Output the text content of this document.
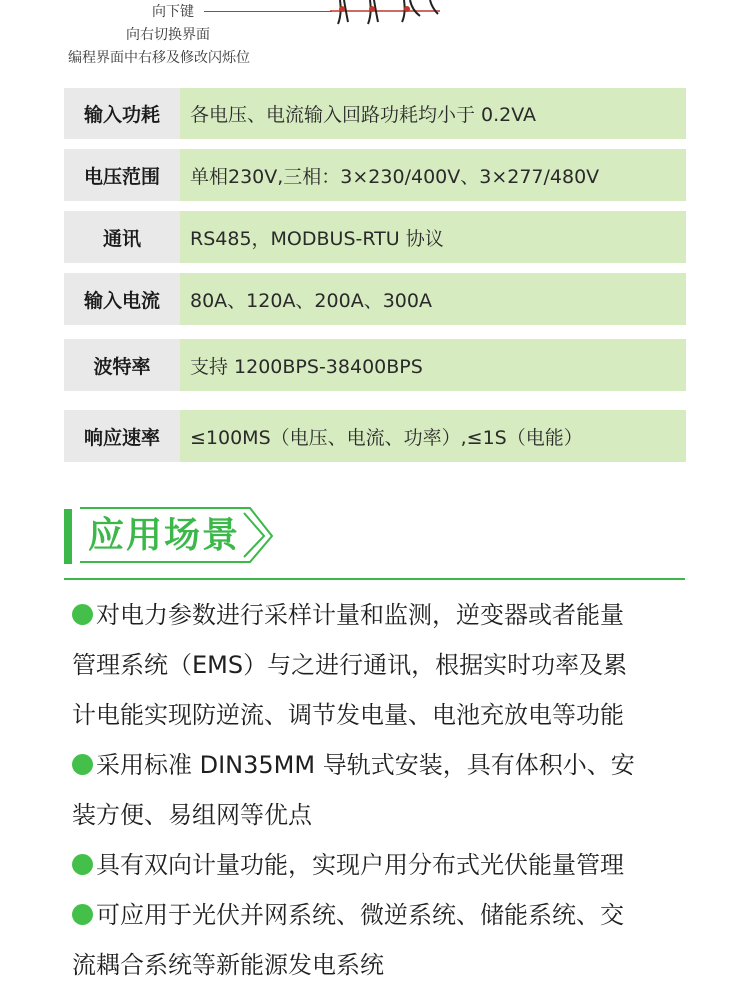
向下键
向右切换界面
编程界面中右移及修改闪烁位
输入功耗	各电压、电流输入回路功耗均小于 0.2VA
电压范围	单相230V,三相：3×230/400V、3×277/480V
通讯	RS485，MODBUS-RTU 协议
输入电流	80A、120A、200A、300A
波特率	支持 1200BPS-38400BPS
响应速率	≤100MS（电压、电流、功率）,≤1S（电能）
应用场景
对电力参数进行采样计量和监测，逆变器或者能量
管理系统（EMS）与之进行通讯，根据实时功率及累
计电能实现防逆流、调节发电量、电池充放电等功能
采用标准 DIN35MM 导轨式安装，具有体积小、安
装方便、易组网等优点
具有双向计量功能，实现户用分布式光伏能量管理
可应用于光伏并网系统、微逆系统、储能系统、交
流耦合系统等新能源发电系统
